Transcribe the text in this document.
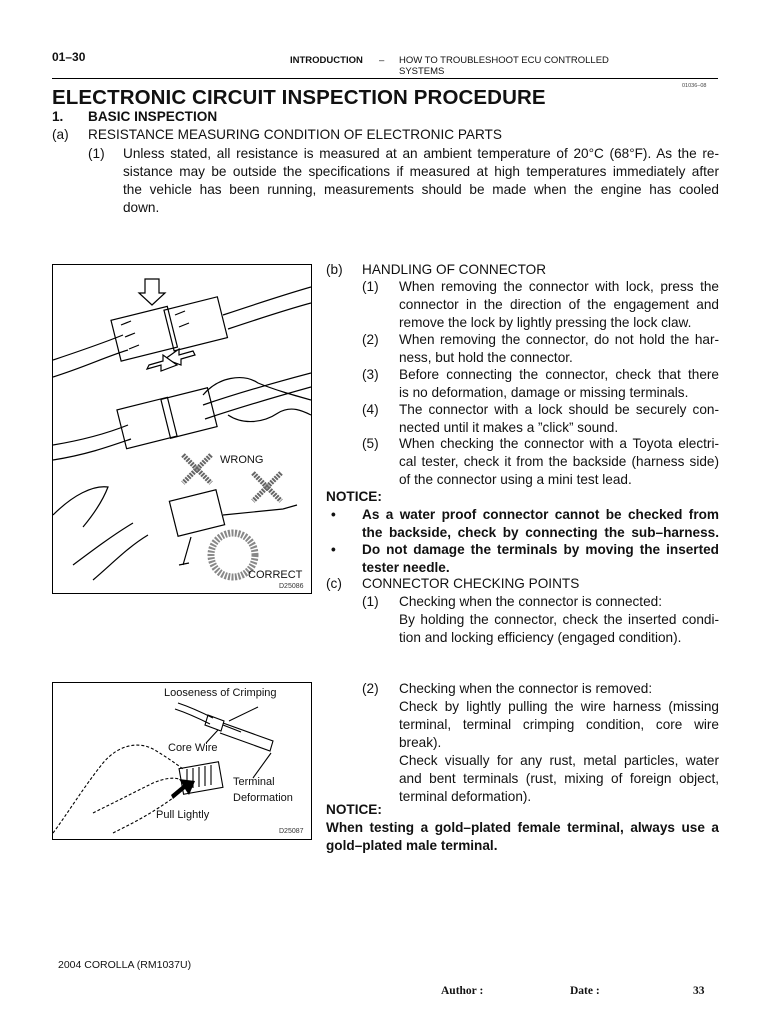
01–30	INTRODUCTION – HOW TO TROUBLESHOOT ECU CONTROLLED
SYSTEMS
01036–08
ELECTRONIC CIRCUIT INSPECTION PROCEDURE
1. BASIC INSPECTION
(a) RESISTANCE MEASURING CONDITION OF ELECTRONIC PARTS
(1) Unless stated, all resistance is measured at an ambient temperature of 20°C (68°F). As the re-
sistance may be outside the specifications if measured at high temperatures immediately after
the vehicle has been running, measurements should be made when the engine has cooled
down.
WRONG
CORRECT
D25086
(b) HANDLING OF CONNECTOR
(1) When removing the connector with lock, press the
connector in the direction of the engagement and
remove the lock by lightly pressing the lock claw.
(2) When removing the connector, do not hold the har-
ness, but hold the connector.
(3) Before connecting the connector, check that there
is no deformation, damage or missing terminals.
(4) The connector with a lock should be securely con-
nected until it makes a ”click” sound.
(5) When checking the connector with a Toyota electri-
cal tester, check it from the backside (harness side)
of the connector using a mini test lead.
NOTICE:
• As a water proof connector cannot be checked from
the backside, check by connecting the sub–harness.
• Do not damage the terminals by moving the inserted
tester needle.
(c) CONNECTOR CHECKING POINTS
(1) Checking when the connector is connected:
By holding the connector, check the inserted condi-
tion and locking efficiency (engaged condition).
Looseness of Crimping
Core Wire
Terminal
Deformation
Pull Lightly
D25087
(2) Checking when the connector is removed:
Check by lightly pulling the wire harness (missing
terminal, terminal crimping condition, core wire
break).
Check visually for any rust, metal particles, water
and bent terminals (rust, mixing of foreign object,
terminal deformation).
NOTICE:
When testing a gold–plated female terminal, always use a
gold–plated male terminal.
2004 COROLLA (RM1037U)
Author :	Date :	33
